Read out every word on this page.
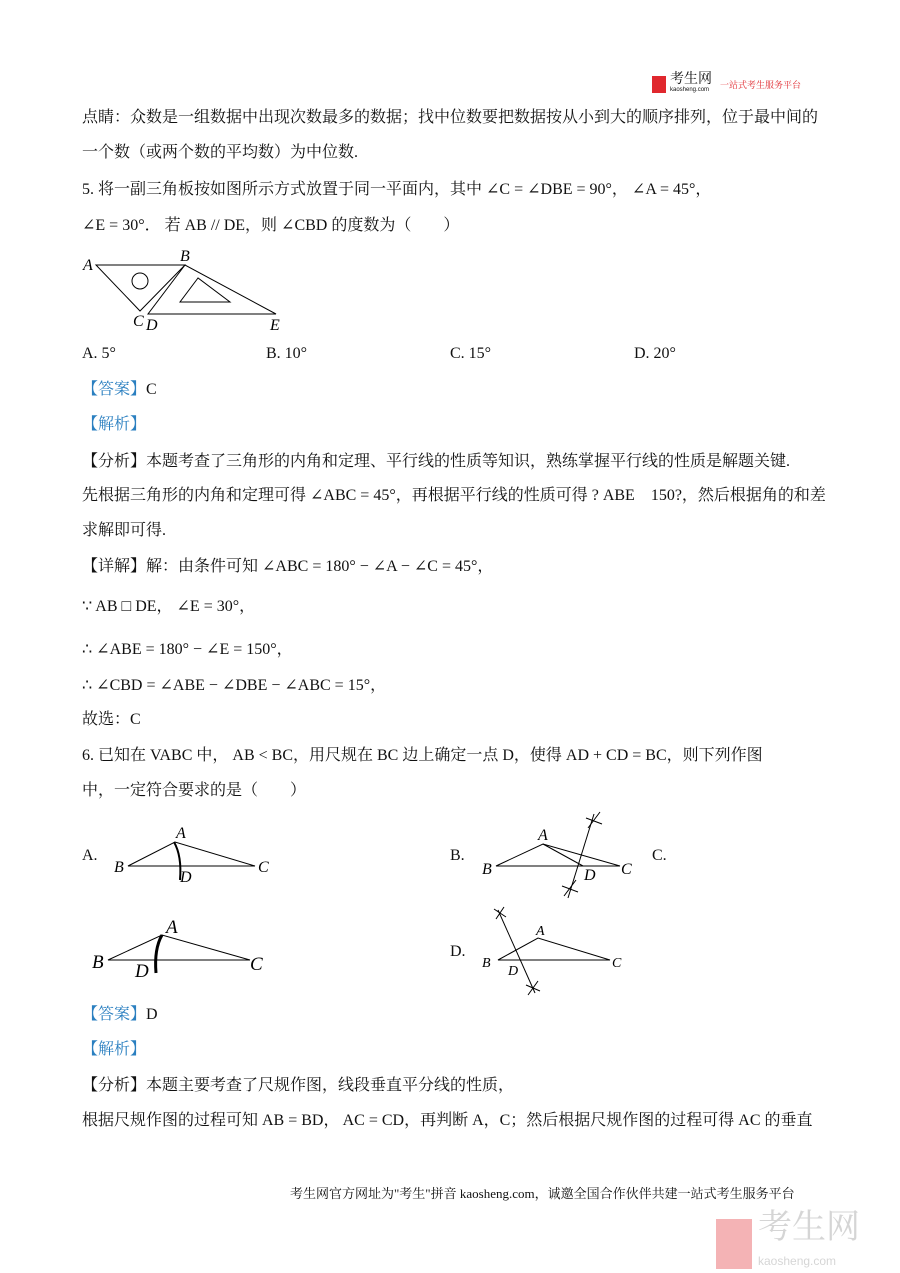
考生网
kaosheng.com
一站式考生服务平台
点睛：众数是一组数据中出现次数最多的数据；找中位数要把数据按从小到大的顺序排列，位于最中间的
一个数（或两个数的平均数）为中位数.
5. 将一副三角板按如图所示方式放置于同一平面内，其中 ∠C = ∠DBE = 90°， ∠A = 45°，
∠E = 30°． 若 AB // DE，则 ∠CBD 的度数为（　　）
A
B
C D	E
A. 5°	B. 10°	C. 15°	D. 20°
【答案】C
【解析】
【分析】本题考查了三角形的内角和定理、平行线的性质等知识，熟练掌握平行线的性质是解题关键.
先根据三角形的内角和定理可得 ∠ABC = 45°，再根据平行线的性质可得 ? ABE　150?，然后根据角的和差
求解即可得.
【详解】解：由条件可知 ∠ABC = 180° − ∠A − ∠C = 45°，
∵ AB □ DE， ∠E = 30°，
∴ ∠ABE = 180° − ∠E = 150°，
∴ ∠CBD = ∠ABE − ∠DBE − ∠ABC = 15°，
故选：C
6. 已知在 VABC 中， AB < BC，用尺规在 BC 边上确定一点 D，使得 AD + CD = BC，则下列作图
中，一定符合要求的是（　　）
A.
B
A
C
D
B.
B
A
C
D
C.
B
A
C
D
D.
B
A
C
D
【答案】D
【解析】
【分析】本题主要考查了尺规作图，线段垂直平分线的性质，
根据尺规作图的过程可知 AB = BD， AC = CD，再判断 A，C；然后根据尺规作图的过程可得 AC 的垂直
考生网官方网址为"考生"拼音 kaosheng.com，诚邀全国合作伙伴共建一站式考生服务平台
考生网
kaosheng.com
